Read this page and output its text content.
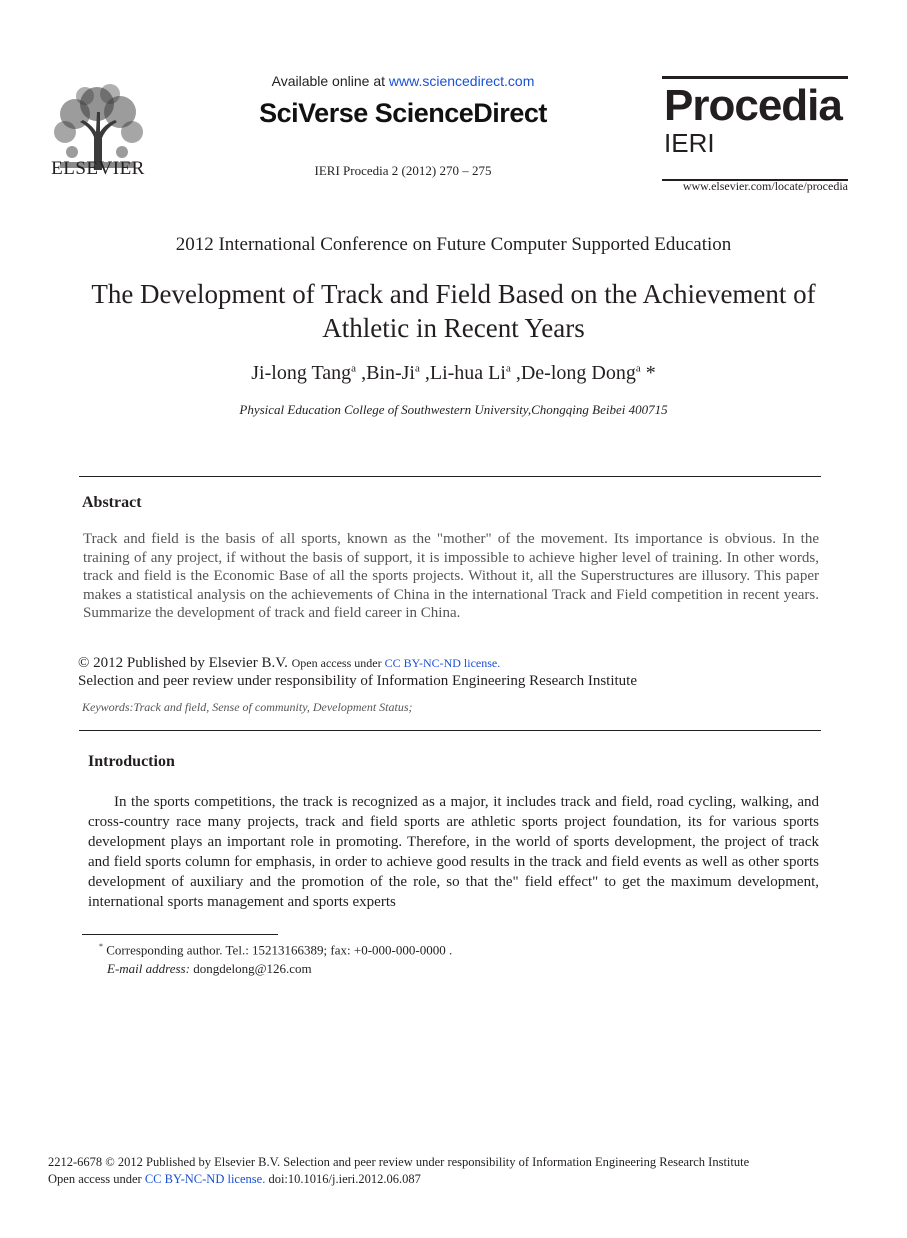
ELSEVIER
Available online at www.sciencedirect.com
SciVerse ScienceDirect
IERI Procedia 2 (2012) 270 – 275
Procedia
IERI
www.elsevier.com/locate/procedia
2012 International Conference on Future Computer Supported Education
The Development of Track and Field Based on the Achievement of Athletic in Recent Years
Ji-long Tang$^a$ ,Bin-Ji$^a$ ,Li-hua Li$^a$ ,De-long Dong$^a$ *
Physical Education College of Southwestern University,Chongqing Beibei 400715
Abstract
Track and field is the basis of all sports, known as the "mother" of the movement. Its importance is obvious. In the training of any project, if without the basis of support, it is impossible to achieve higher level of training. In other words, track and field is the Economic Base of all the sports projects. Without it, all the Superstructures are illusory. This paper makes a statistical analysis on the achievements of China in the international Track and Field competition in recent years. Summarize the development of track and field career in China.
© 2012 Published by Elsevier B.V. Open access under CC BY-NC-ND license.
Selection and peer review under responsibility of Information Engineering Research Institute
Keywords:Track and field, Sense of community, Development Status;
Introduction
In the sports competitions, the track is recognized as a major, it includes track and field, road cycling, walking, and cross-country race many projects, track and field sports are athletic sports project foundation, its for various sports development plays an important role in promoting. Therefore, in the world of sports development, the project of track and field sports column for emphasis, in order to achieve good results in the track and field events as well as other sports development of auxiliary and the promotion of the role, so that the" field effect" to get the maximum development, international sports management and sports experts
* Corresponding author. Tel.: 15213166389; fax: +0-000-000-0000 .
E-mail address: dongdelong@126.com
2212-6678 © 2012 Published by Elsevier B.V. Selection and peer review under responsibility of Information Engineering Research Institute
Open access under CC BY-NC-ND license. doi:10.1016/j.ieri.2012.06.087
